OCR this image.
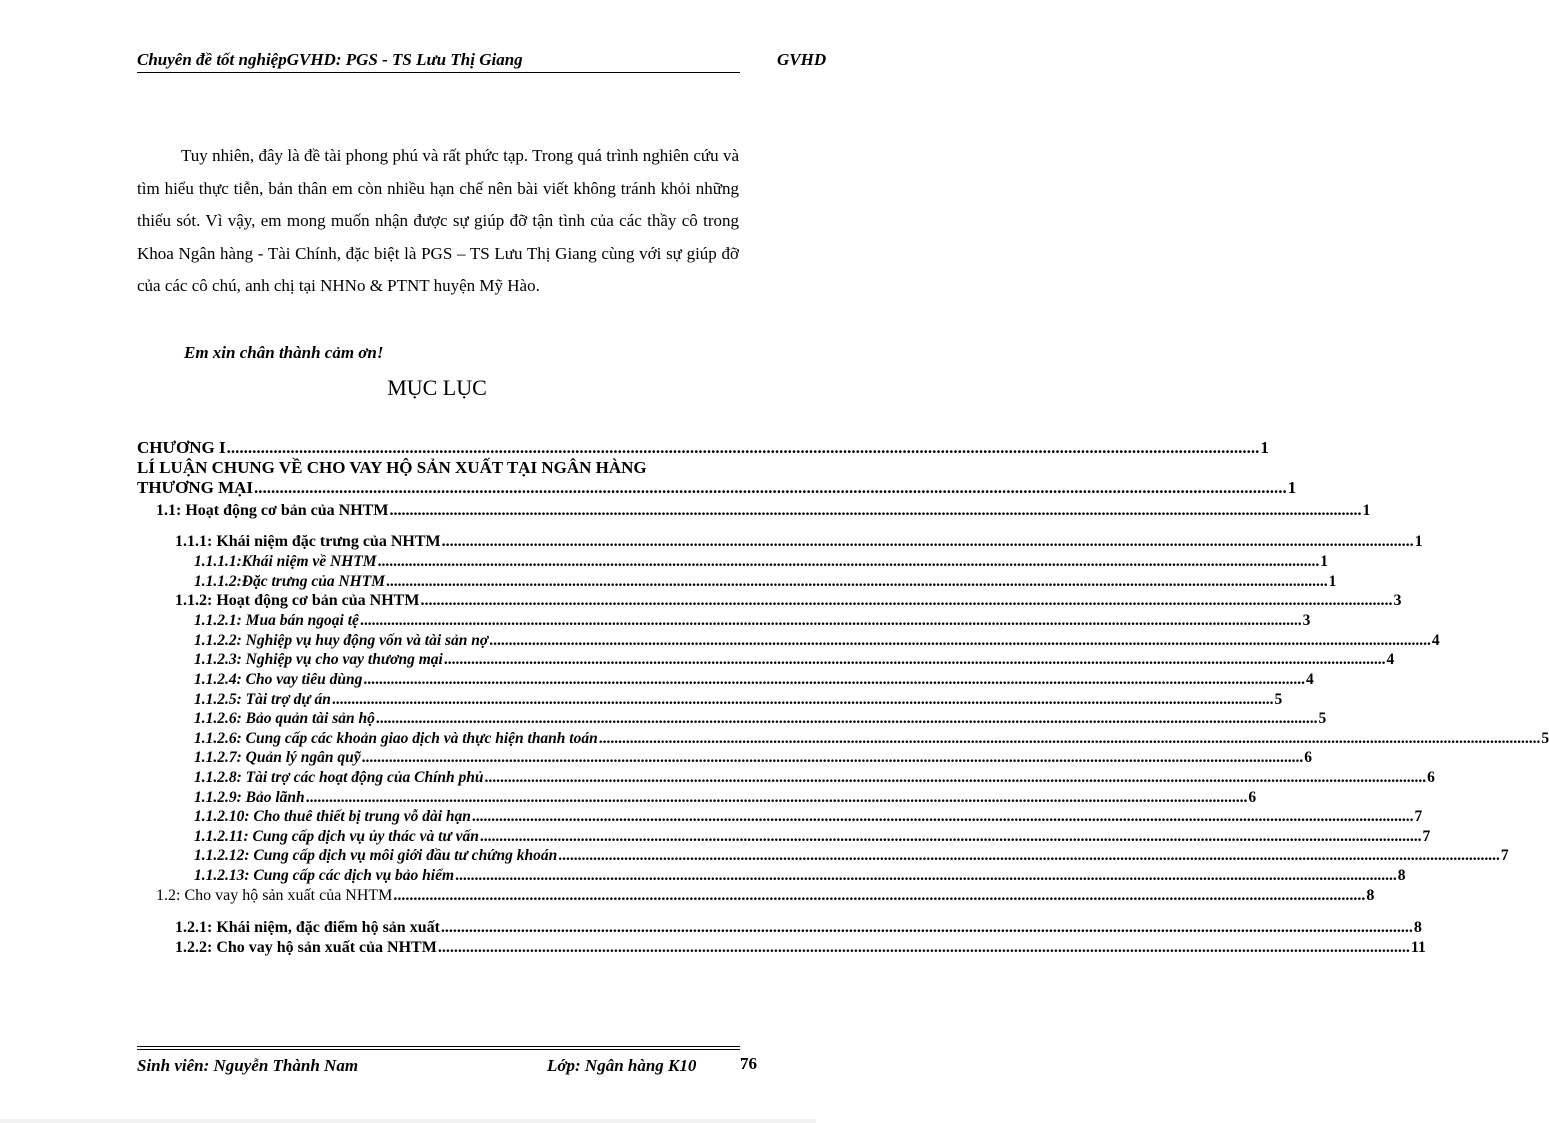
Chuyên đề tốt nghiệpGVHD: PGS - TS Lưu Thị Giang	GVHD

Tuy nhiên, đây là đề tài phong phú và rất phức tạp. Trong quá trình nghiên cứu và tìm hiểu thực tiễn, bản thân em còn nhiều hạn chế nên bài viết không tránh khỏi những thiếu sót. Vì vậy, em mong muốn nhận được sự giúp đỡ tận tình của các thầy cô trong Khoa Ngân hàng - Tài Chính, đặc biệt là PGS – TS Lưu Thị Giang cùng với sự giúp đỡ của các cô chú, anh chị tại NHNo & PTNT huyện Mỹ Hào.

Em xin chân thành cảm ơn!
MỤC LỤC
CHƯƠNG I .....	1
LÍ LUẬN CHUNG VỀ CHO VAY HỘ SẢN XUẤT TẠI NGÂN HÀNG
THƯƠNG MẠI .....	1
1.1: Hoạt động cơ bản của NHTM .....	1
1.1.1: Khái niệm đặc trưng của NHTM .....	1
1.1.1.1:Khái niệm về NHTM .....	1
1.1.1.2:Đặc trưng của NHTM .....	1
1.1.2: Hoạt động cơ bản của NHTM .....	3
1.1.2.1: Mua bán ngoại tệ .....	3
1.1.2.2: Nghiệp vụ huy động vốn và tài sản nợ .....	4
1.1.2.3: Nghiệp vụ cho vay thương mại .....	4
1.1.2.4: Cho vay tiêu dùng .....	4
1.1.2.5: Tài trợ dự án .....	5
1.1.2.6: Bảo quản tài sản hộ .....	5
1.1.2.6: Cung cấp các khoản giao dịch và thực hiện thanh toán .....	5
1.1.2.7: Quản lý ngân quỹ .....	6
1.1.2.8: Tài trợ các hoạt động của Chính phủ .....	6
1.1.2.9: Bảo lãnh .....	6
1.1.2.10: Cho thuê thiết bị trung vỗ dài hạn .....	7
1.1.2.11: Cung cấp dịch vụ ủy thác và tư vấn .....	7
1.1.2.12: Cung cấp dịch vụ môi giới đầu tư chứng khoán .....	7
1.1.2.13: Cung cấp các dịch vụ bảo hiểm .....	8
1.2: Cho vay hộ sản xuất của NHTM .....	8
1.2.1: Khái niệm, đặc điểm hộ sản xuất .....	8
1.2.2: Cho vay hộ sản xuất của NHTM .....	11
Sinh viên: Nguyễn Thành Nam	Lớp: Ngân hàng K10	76
